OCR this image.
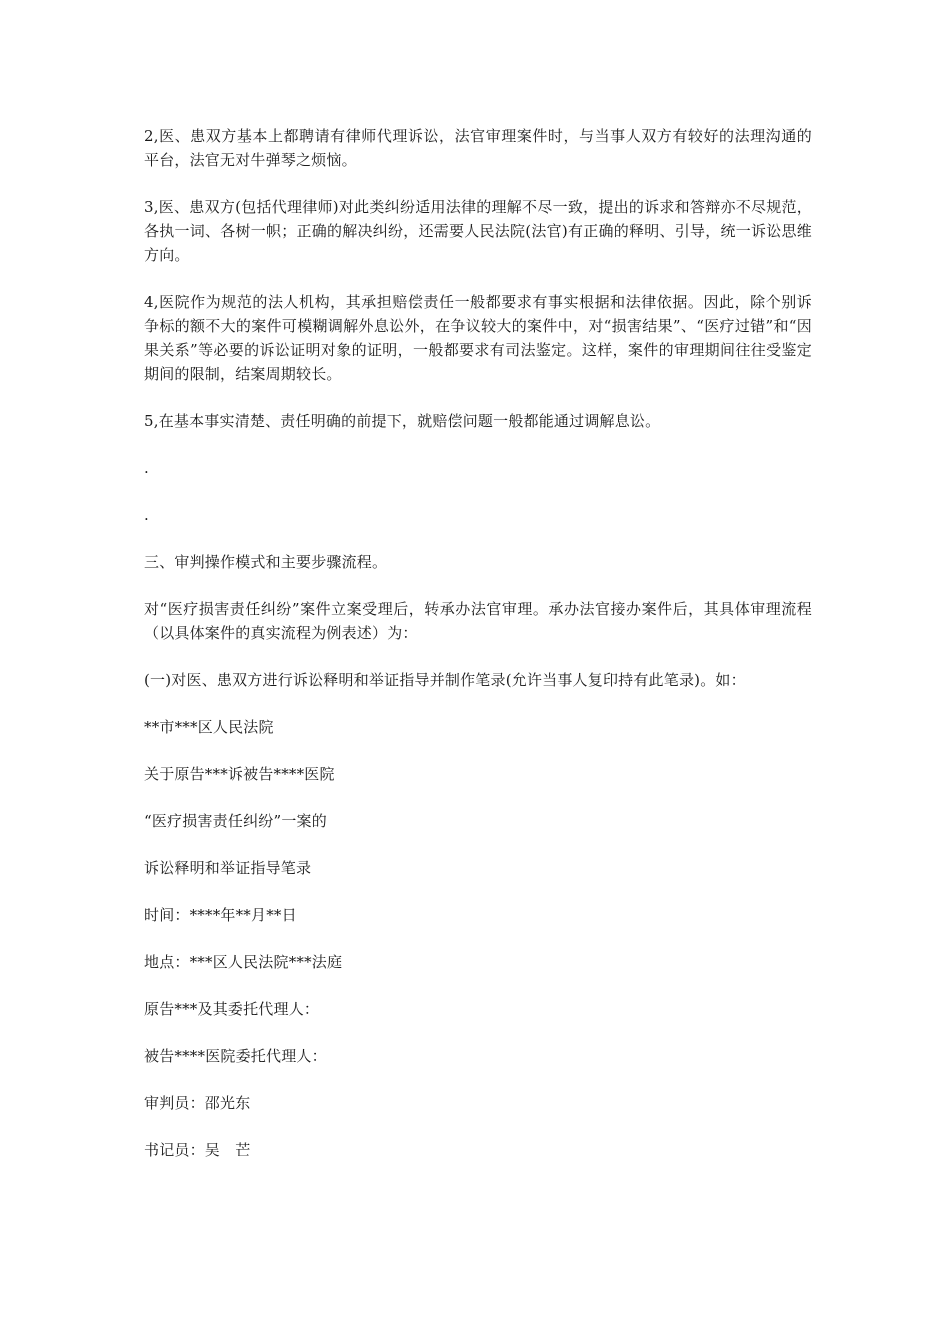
2,医、患双方基本上都聘请有律师代理诉讼，法官审理案件时，与当事人双方有较好的法理沟通的平台，法官无对牛弹琴之烦恼。

3,医、患双方(包括代理律师)对此类纠纷适用法律的理解不尽一致，提出的诉求和答辩亦不尽规范，各执一词、各树一帜；正确的解决纠纷，还需要人民法院(法官)有正确的释明、引导，统一诉讼思维方向。

4,医院作为规范的法人机构，其承担赔偿责任一般都要求有事实根据和法律依据。因此，除个别诉争标的额不大的案件可模糊调解外息讼外，在争议较大的案件中，对“损害结果”、“医疗过错”和“因果关系”等必要的诉讼证明对象的证明，一般都要求有司法鉴定。这样，案件的审理期间往往受鉴定期间的限制，结案周期较长。

5,在基本事实清楚、责任明确的前提下，就赔偿问题一般都能通过调解息讼。

.

.

三、审判操作模式和主要步骤流程。

对“医疗损害责任纠纷”案件立案受理后，转承办法官审理。承办法官接办案件后，其具体审理流程（以具体案件的真实流程为例表述）为：

(一)对医、患双方进行诉讼释明和举证指导并制作笔录(允许当事人复印持有此笔录)。如：

**市***区人民法院

关于原告***诉被告****医院

“医疗损害责任纠纷”一案的

诉讼释明和举证指导笔录

时间：****年**月**日

地点：***区人民法院***法庭

原告***及其委托代理人：

被告****医院委托代理人：

审判员：邵光东

书记员：吴　芒
